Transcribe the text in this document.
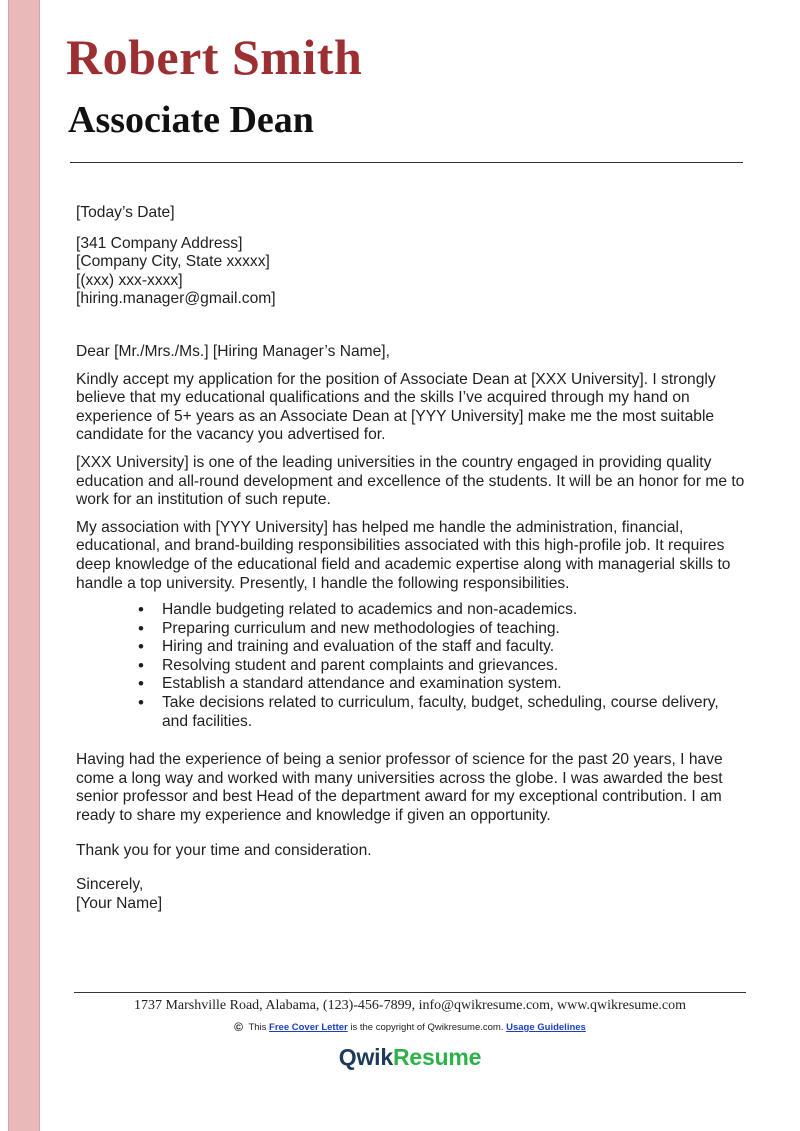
Robert Smith
Associate Dean

[Today’s Date]

[341 Company Address]
[Company City, State xxxxx]
[(xxx) xxx-xxxx]
[hiring.manager@gmail.com]

Dear [Mr./Mrs./Ms.] [Hiring Manager’s Name],

Kindly accept my application for the position of Associate Dean at [XXX University]. I strongly believe that my educational qualifications and the skills I’ve acquired through my hand on experience of 5+ years as an Associate Dean at [YYY University] make me the most suitable candidate for the vacancy you advertised for.

[XXX University] is one of the leading universities in the country engaged in providing quality education and all-round development and excellence of the students. It will be an honor for me to work for an institution of such repute.

My association with [YYY University] has helped me handle the administration, financial, educational, and brand-building responsibilities associated with this high-profile job. It requires deep knowledge of the educational field and academic expertise along with managerial skills to handle a top university. Presently, I handle the following responsibilities.

• Handle budgeting related to academics and non-academics.
• Preparing curriculum and new methodologies of teaching.
• Hiring and training and evaluation of the staff and faculty.
• Resolving student and parent complaints and grievances.
• Establish a standard attendance and examination system.
• Take decisions related to curriculum, faculty, budget, scheduling, course delivery, and facilities.

Having had the experience of being a senior professor of science for the past 20 years, I have come a long way and worked with many universities across the globe. I was awarded the best senior professor and best Head of the department award for my exceptional contribution. I am ready to share my experience and knowledge if given an opportunity.

Thank you for your time and consideration.

Sincerely,

[Your Name]

1737 Marshville Road, Alabama, (123)-456-7899, info@qwikresume.com, www.qwikresume.com
© This Free Cover Letter is the copyright of Qwikresume.com. Usage Guidelines
QwikResume
